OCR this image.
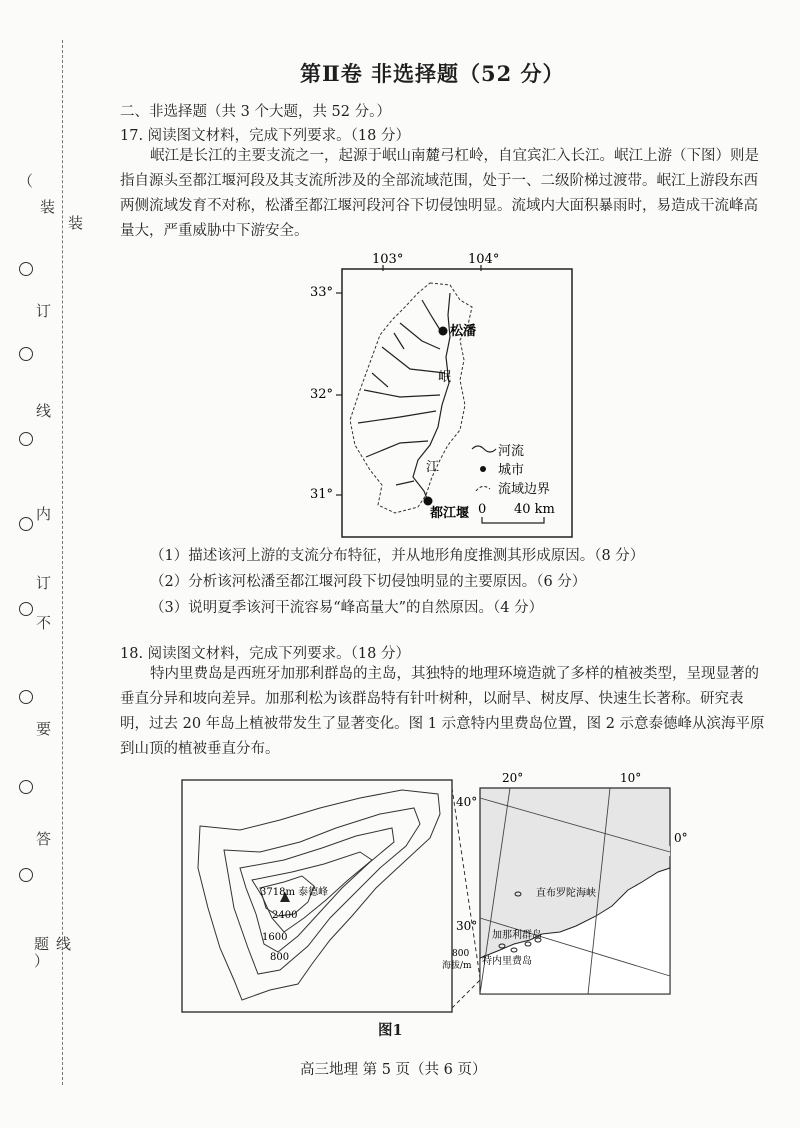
（
装
装
订
线
内
订
不
要
答
题 线
）
第Ⅱ卷 非选择题（52 分）
二、非选择题（共 3 个大题，共 52 分。）
17. 阅读图文材料，完成下列要求。（18 分）
岷江是长江的主要支流之一，起源于岷山南麓弓杠岭，自宜宾汇入长江。岷江上游（下图）则是指自源头至都江堰河段及其支流所涉及的全部流域范围，处于一、二级阶梯过渡带。岷江上游段东西两侧流域发育不对称，松潘至都江堰河段河谷下切侵蚀明显。流域内大面积暴雨时，易造成干流峰高量大，严重威胁中下游安全。
103°	104°
33°
32°
31°
松潘
岷
江
都江堰
河流
城市
流域边界
0 40 km
（1）描述该河上游的支流分布特征，并从地形角度推测其形成原因。（8 分）
（2）分析该河松潘至都江堰河段下切侵蚀明显的主要原因。（6 分）
（3）说明夏季该河干流容易“峰高量大”的自然原因。（4 分）
18. 阅读图文材料，完成下列要求。（18 分）
特内里费岛是西班牙加那利群岛的主岛，其独特的地理环境造就了多样的植被类型，呈现显著的垂直分异和坡向差异。加那利松为该群岛特有针叶树种，以耐旱、树皮厚、快速生长著称。研究表明，过去 20 年岛上植被带发生了显著变化。图 1 示意特内里费岛位置，图 2 示意泰德峰从滨海平原到山顶的植被垂直分布。
3718m 泰德峰
2400
1600
800
20°	10°
0°
40°
30°
直布罗陀海峡
加那利群岛
特内里费岛
800
海拔/m
图1
高三地理 第 5 页（共 6 页）
